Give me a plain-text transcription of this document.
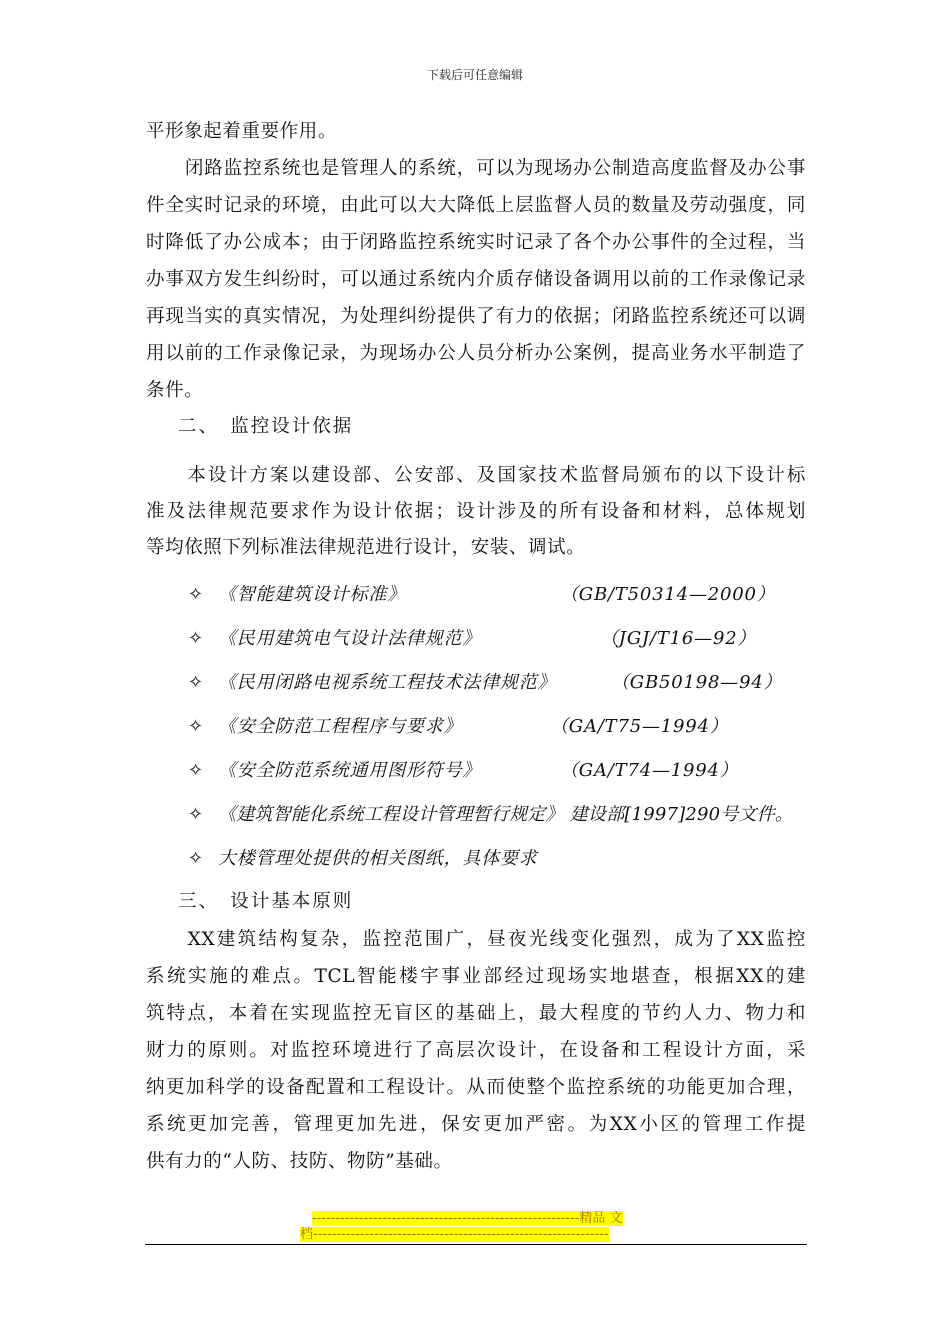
下载后可任意编辑
平形象起着重要作用。
　　闭路监控系统也是管理人的系统，可以为现场办公制造高度监督及办公事
件全实时记录的环境，由此可以大大降低上层监督人员的数量及劳动强度，同
时降低了办公成本；由于闭路监控系统实时记录了各个办公事件的全过程，当
办事双方发生纠纷时，可以通过系统内介质存储设备调用以前的工作录像记录
再现当实的真实情况，为处理纠纷提供了有力的依据；闭路监控系统还可以调
用以前的工作录像记录，为现场办公人员分析办公案例，提高业务水平制造了
条件。
二、　监控设计依据
　　本设计方案以建设部、公安部、及国家技术监督局颁布的以下设计标
准及法律规范要求作为设计依据；设计涉及的所有设备和材料，总体规划
等均依照下列标准法律规范进行设计，安装、调试。
✧ 《智能建筑设计标准》	（GB/T50314—2000）
✧ 《民用建筑电气设计法律规范》	（JGJ/T16—92）
✧ 《民用闭路电视系统工程技术法律规范》	（GB50198—94）
✧ 《安全防范工程程序与要求》	（GA/T75—1994）
✧ 《安全防范系统通用图形符号》	（GA/T74—1994）
✧ 《建筑智能化系统工程设计管理暂行规定》 建设部[1997]290号文件。
✧ 大楼管理处提供的相关图纸，具体要求
三、　设计基本原则
　　XX建筑结构复杂，监控范围广，昼夜光线变化强烈，成为了XX监控
系统实施的难点。TCL智能楼宇事业部经过现场实地堪查，根据XX的建
筑特点，本着在实现监控无盲区的基础上，最大程度的节约人力、物力和
财力的原则。对监控环境进行了高层次设计，在设备和工程设计方面，采
纳更加科学的设备配置和工程设计。从而使整个监控系统的功能更加合理，
系统更加完善，管理更加先进，保安更加严密。为XX小区的管理工作提
供有力的“人防、技防、物防”基础。
---------------------------------------------------------精品 文
档---------------------------------------------------------------
